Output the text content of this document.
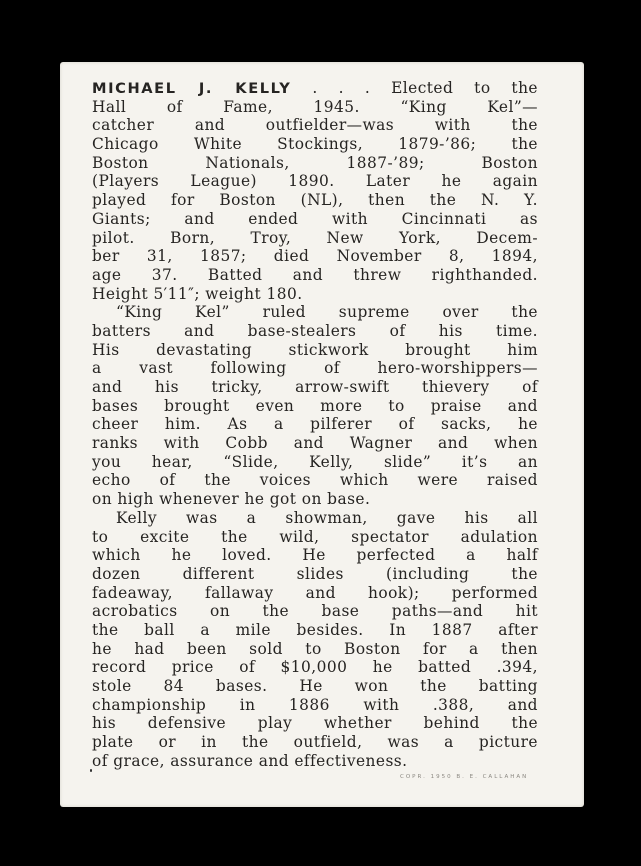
MICHAEL J. KELLY . . . Elected to the
Hall of Fame, 1945. “King Kel”—
catcher and outfielder—was with the
Chicago White Stockings, 1879-’86; the
Boston Nationals, 1887-’89; Boston
(Players League) 1890. Later he again
played for Boston (NL), then the N. Y.
Giants; and ended with Cincinnati as
pilot. Born, Troy, New York, Decem-
ber 31, 1857; died November 8, 1894,
age 37. Batted and threw righthanded.
Height 5′11″; weight 180.
“King Kel” ruled supreme over the
batters and base-stealers of his time.
His devastating stickwork brought him
a vast following of hero-worshippers—
and his tricky, arrow-swift thievery of
bases brought even more to praise and
cheer him. As a pilferer of sacks, he
ranks with Cobb and Wagner and when
you hear, “Slide, Kelly, slide” it’s an
echo of the voices which were raised
on high whenever he got on base.
Kelly was a showman, gave his all
to excite the wild, spectator adulation
which he loved. He perfected a half
dozen different slides (including the
fadeaway, fallaway and hook); performed
acrobatics on the base paths—and hit
the ball a mile besides. In 1887 after
he had been sold to Boston for a then
record price of $10,000 he batted .394,
stole 84 bases. He won the batting
championship in 1886 with .388, and
his defensive play whether behind the
plate or in the outfield, was a picture
of grace, assurance and effectiveness.
COPR. 1950 B. E. CALLAHAN
